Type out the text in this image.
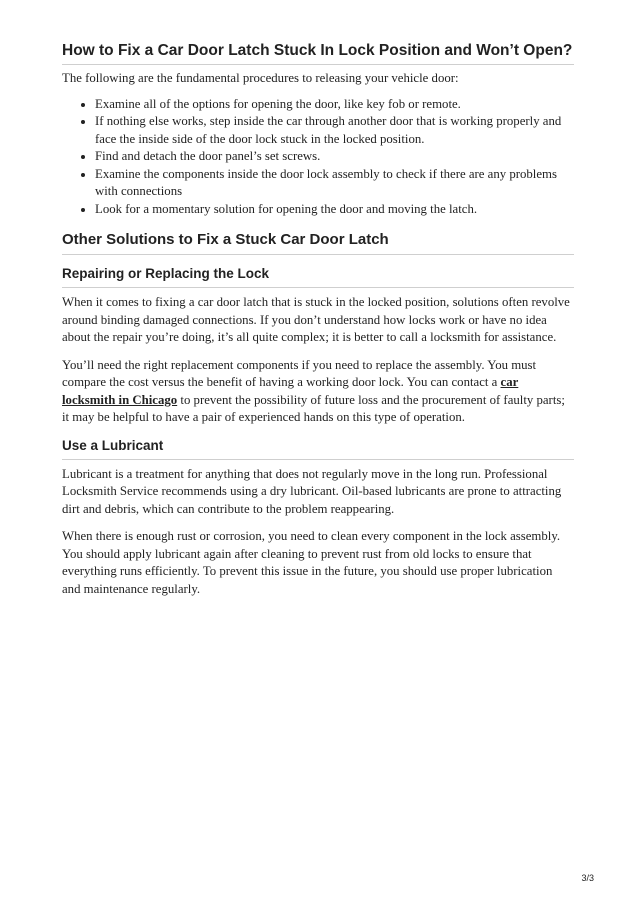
How to Fix a Car Door Latch Stuck In Lock Position and Won’t Open?

The following are the fundamental procedures to releasing your vehicle door:

• Examine all of the options for opening the door, like key fob or remote.
• If nothing else works, step inside the car through another door that is working properly and face the inside side of the door lock stuck in the locked position.
• Find and detach the door panel’s set screws.
• Examine the components inside the door lock assembly to check if there are any problems with connections
• Look for a momentary solution for opening the door and moving the latch.
Other Solutions to Fix a Stuck Car Door Latch
Repairing or Replacing the Lock

When it comes to fixing a car door latch that is stuck in the locked position, solutions often revolve around binding damaged connections. If you don’t understand how locks work or have no idea about the repair you’re doing, it’s all quite complex; it is better to call a locksmith for assistance.

You’ll need the right replacement components if you need to replace the assembly. You must compare the cost versus the benefit of having a working door lock. You can contact a car locksmith in Chicago to prevent the possibility of future loss and the procurement of faulty parts; it may be helpful to have a pair of experienced hands on this type of operation.

Use a Lubricant

Lubricant is a treatment for anything that does not regularly move in the long run. Professional Locksmith Service recommends using a dry lubricant. Oil-based lubricants are prone to attracting dirt and debris, which can contribute to the problem reappearing.

When there is enough rust or corrosion, you need to clean every component in the lock assembly. You should apply lubricant again after cleaning to prevent rust from old locks to ensure that everything runs efficiently. To prevent this issue in the future, you should use proper lubrication and maintenance regularly.

3/3
